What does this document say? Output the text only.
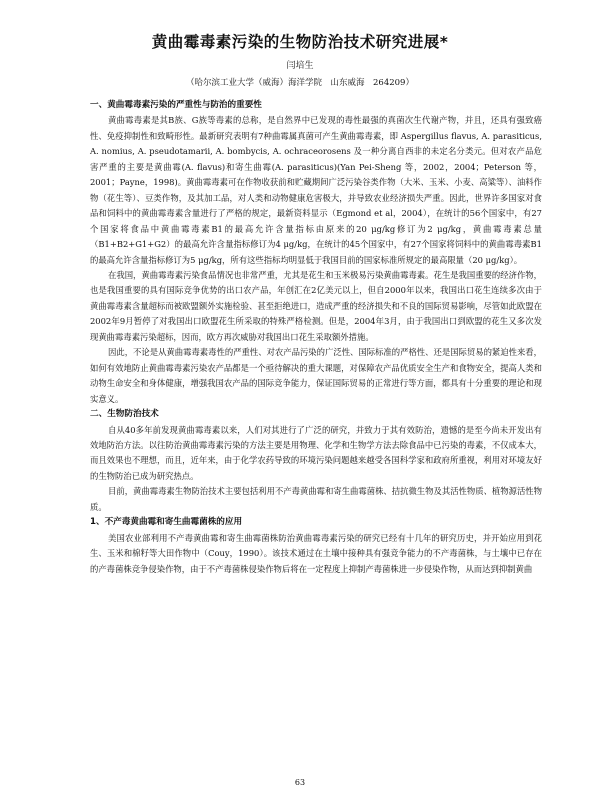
黄曲霉毒素污染的生物防治技术研究进展*
闫培生
（哈尔滨工业大学（威海）海洋学院　山东威海　264209）
一、黄曲霉毒素污染的严重性与防治的重要性

黄曲霉毒素是其B族、G族等毒素的总称，是自然界中已发现的毒性最强的真菌次生代谢产物，并且，还具有强致癌性、免疫抑制性和致畸形性。最新研究表明有7种曲霉属真菌可产生黄曲霉毒素，即 Aspergillus flavus, A. parasiticus, A. nomius, A. pseudotamarii, A. bombycis, A. ochraceorosens 及一种分离自西非的未定名分类元。但对农产品危害严重的主要是黄曲霉(A. flavus)和寄生曲霉(A. parasiticus)(Yan Pei-Sheng 等，2002，2004；Peterson 等，2001；Payne，1998)。黄曲霉毒素可在作物收获前和贮藏期间广泛污染谷类作物（大米、玉米、小麦、高粱等）、油料作物（花生等）、豆类作物，及其加工品，对人类和动物健康危害极大，并导致农业经济损失严重。因此，世界许多国家对食品和饲料中的黄曲霉毒素含量进行了严格的规定，最新资料显示（Egmond et al，2004），在统计的56个国家中，有27个国家将食品中黄曲霉毒素B1的最高允许含量指标由原来的20 μg/kg修订为2 μg/kg，黄曲霉毒素总量（B1+B2+G1+G2）的最高允许含量指标修订为4 μg/kg，在统计的45个国家中，有27个国家将饲料中的黄曲霉毒素B1的最高允许含量指标修订为5 μg/kg，所有这些指标均明显低于我国目前的国家标准所规定的最高限量（20 μg/kg）。

在我国，黄曲霉毒素污染食品情况也非常严重，尤其是花生和玉米极易污染黄曲霉毒素。花生是我国重要的经济作物，也是我国重要的具有国际竞争优势的出口农产品，年创汇在2亿美元以上，但自2000年以来，我国出口花生连续多次由于黄曲霉毒素含量超标而被欧盟额外实施检验、甚至拒绝进口，造成严重的经济损失和不良的国际贸易影响，尽管如此欧盟在2002年9月暂停了对我国出口欧盟花生所采取的特殊严格检测。但是，2004年3月，由于我国出口到欧盟的花生又多次发现黄曲霉毒素污染超标，因而，欧方再次威胁对我国出口花生采取额外措施。

因此，不论是从黄曲霉毒素毒性的严重性、对农产品污染的广泛性、国际标准的严格性、还是国际贸易的紧迫性来看，如何有效地防止黄曲霉毒素污染农产品都是一个亟待解决的重大课题，对保障农产品优质安全生产和食物安全，提高人类和动物生命安全和身体健康，增强我国农产品的国际竞争能力，保证国际贸易的正常进行等方面，都具有十分重要的理论和现实意义。

二、生物防治技术

自从40多年前发现黄曲霉毒素以来，人们对其进行了广泛的研究，并致力于其有效防治，遗憾的是至今尚未开发出有效地防治方法。以往防治黄曲霉毒素污染的方法主要是用物理、化学和生物学方法去除食品中已污染的毒素，不仅成本大，而且效果也不理想，而且，近年来，由于化学农药导致的环境污染问题越来越受各国科学家和政府所重视，利用对环境友好的生物防治已成为研究热点。

目前，黄曲霉毒素生物防治技术主要包括利用不产毒黄曲霉和寄生曲霉菌株、拮抗微生物及其活性物质、植物源活性物质。

1、不产毒黄曲霉和寄生曲霉菌株的应用

美国农业部利用不产毒黄曲霉和寄生曲霉菌株防治黄曲霉毒素污染的研究已经有十几年的研究历史，并开始应用到花生、玉米和棉籽等大田作物中（Couy，1990）。该技术通过在土壤中接种具有强竞争能力的不产毒菌株，与土壤中已存在的产毒菌株竞争侵染作物，由于不产毒菌株侵染作物后将在一定程度上抑制产毒菌株进一步侵染作物，从而达到抑制黄曲

63
